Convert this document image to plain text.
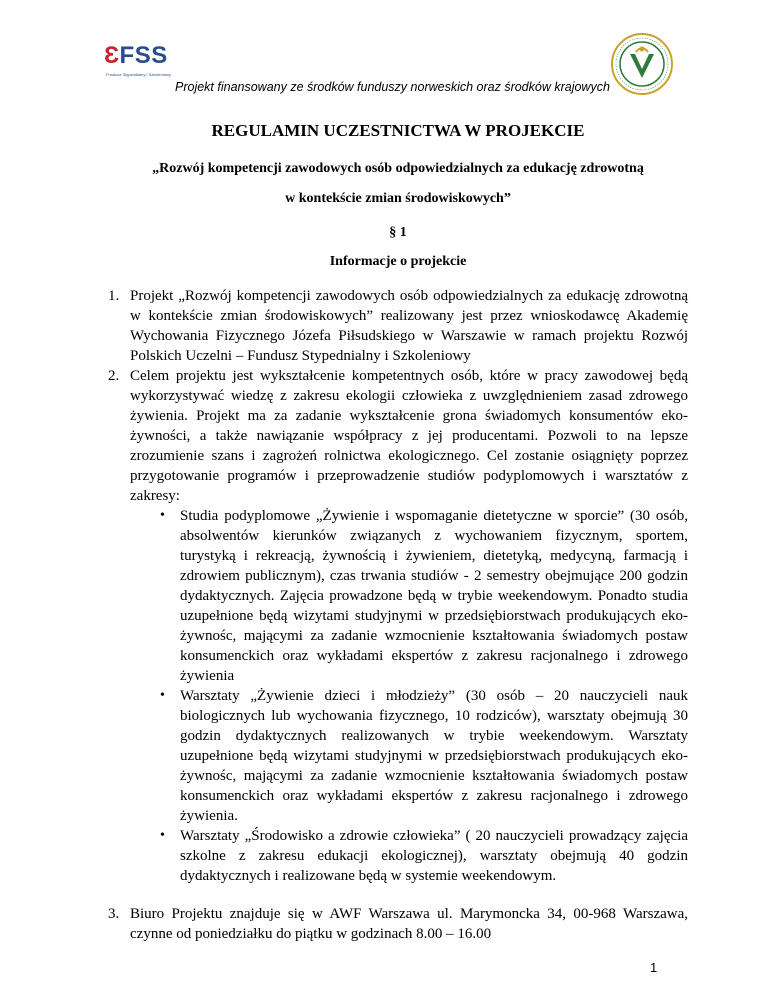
ƐFSS
Fundusz Stypendialny i Szkoleniowy
Projekt finansowany ze środków funduszy norweskich oraz środków krajowych
REGULAMIN UCZESTNICTWA W PROJEKCIE
„Rozwój kompetencji zawodowych osób odpowiedzialnych za edukację zdrowotną
w kontekście zmian środowiskowych”
§ 1
Informacje o projekcie
1. Projekt „Rozwój kompetencji zawodowych osób odpowiedzialnych za edukację zdrowotną w kontekście zmian środowiskowych” realizowany jest przez wnioskodawcę Akademię Wychowania Fizycznego Józefa Piłsudskiego w Warszawie w ramach projektu Rozwój Polskich Uczelni – Fundusz Stypednialny i Szkoleniowy
2. Celem projektu jest wykształcenie kompetentnych osób, które w pracy zawodowej będą wykorzystywać wiedzę z zakresu ekologii człowieka z uwzględnieniem zasad zdrowego żywienia. Projekt ma za zadanie wykształcenie grona świadomych konsumentów eko-żywności, a także nawiązanie współpracy z jej producentami. Pozwoli to na lepsze zrozumienie szans i zagrożeń rolnictwa ekologicznego. Cel zostanie osiągnięty poprzez przygotowanie programów i przeprowadzenie studiów podyplomowych i warsztatów z zakresy:
• Studia podyplomowe „Żywienie i wspomaganie dietetyczne w sporcie” (30 osób, absolwentów kierunków związanych z wychowaniem fizycznym, sportem, turystyką i rekreacją, żywnością i żywieniem, dietetyką, medycyną, farmacją i zdrowiem publicznym), czas trwania studiów - 2 semestry obejmujące 200 godzin dydaktycznych. Zajęcia prowadzone będą w trybie weekendowym. Ponadto studia uzupełnione będą wizytami studyjnymi w przedsiębiorstwach produkujących eko-żywnośc, mającymi za zadanie wzmocnienie kształtowania świadomych postaw konsumenckich oraz wykładami ekspertów z zakresu racjonalnego i zdrowego żywienia
• Warsztaty „Żywienie dzieci i młodzieży” (30 osób – 20 nauczycieli nauk biologicznych lub wychowania fizycznego, 10 rodziców), warsztaty obejmują 30 godzin dydaktycznych realizowanych w trybie weekendowym. Warsztaty uzupełnione będą wizytami studyjnymi w przedsiębiorstwach produkujących eko-żywnośc, mającymi za zadanie wzmocnienie kształtowania świadomych postaw konsumenckich oraz wykładami ekspertów z zakresu racjonalnego i zdrowego żywienia.
• Warsztaty „Środowisko a zdrowie człowieka” ( 20 nauczycieli prowadzący zajęcia szkolne z zakresu edukacji ekologicznej), warsztaty obejmują 40 godzin dydaktycznych i realizowane będą w systemie weekendowym.
3. Biuro Projektu znajduje się w AWF Warszawa ul. Marymoncka 34, 00-968 Warszawa, czynne od poniedziałku do piątku w godzinach 8.00 – 16.00
1
